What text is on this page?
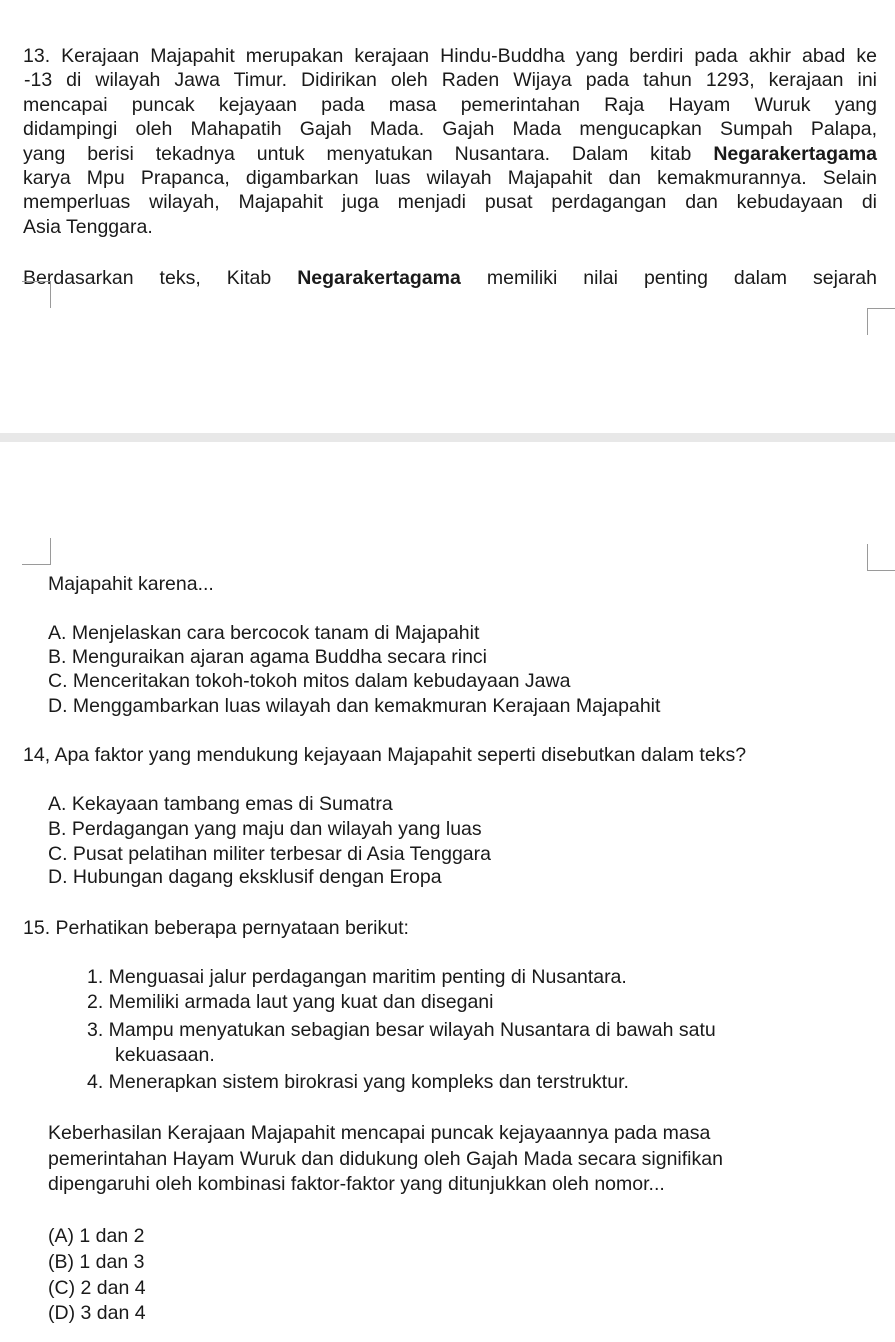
13. Kerajaan Majapahit merupakan kerajaan Hindu-Buddha yang berdiri pada akhir abad ke
-13 di wilayah Jawa Timur. Didirikan oleh Raden Wijaya pada tahun 1293, kerajaan ini
mencapai puncak kejayaan pada masa pemerintahan Raja Hayam Wuruk yang
didampingi oleh Mahapatih Gajah Mada. Gajah Mada mengucapkan Sumpah Palapa,
yang berisi tekadnya untuk menyatukan Nusantara. Dalam kitab Negarakertagama
karya Mpu Prapanca, digambarkan luas wilayah Majapahit dan kemakmurannya. Selain
memperluas wilayah, Majapahit juga menjadi pusat perdagangan dan kebudayaan di
Asia Tenggara.
Berdasarkan teks, Kitab Negarakertagama memiliki nilai penting dalam sejarah
Majapahit karena...
A. Menjelaskan cara bercocok tanam di Majapahit
B. Menguraikan ajaran agama Buddha secara rinci
C. Menceritakan tokoh-tokoh mitos dalam kebudayaan Jawa
D. Menggambarkan luas wilayah dan kemakmuran Kerajaan Majapahit
14, Apa faktor yang mendukung kejayaan Majapahit seperti disebutkan dalam teks?
A. Kekayaan tambang emas di Sumatra
B. Perdagangan yang maju dan wilayah yang luas
C. Pusat pelatihan militer terbesar di Asia Tenggara
D. Hubungan dagang eksklusif dengan Eropa
15. Perhatikan beberapa pernyataan berikut:
1. Menguasai jalur perdagangan maritim penting di Nusantara.
2. Memiliki armada laut yang kuat dan disegani
3. Mampu menyatukan sebagian besar wilayah Nusantara di bawah satu
kekuasaan.
4. Menerapkan sistem birokrasi yang kompleks dan terstruktur.
Keberhasilan Kerajaan Majapahit mencapai puncak kejayaannya pada masa
pemerintahan Hayam Wuruk dan didukung oleh Gajah Mada secara signifikan
dipengaruhi oleh kombinasi faktor-faktor yang ditunjukkan oleh nomor...
(A) 1 dan 2
(B) 1 dan 3
(C) 2 dan 4
(D) 3 dan 4
